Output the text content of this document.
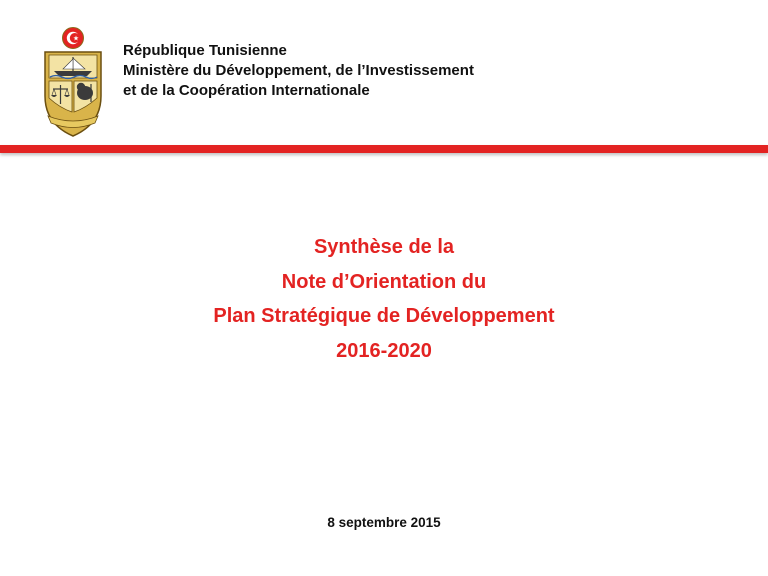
République Tunisienne
Ministère du Développement, de l’Investissement
et de la Coopération Internationale
Synthèse de la
Note d’Orientation du
Plan Stratégique de Développement
2016-2020
8 septembre 2015
